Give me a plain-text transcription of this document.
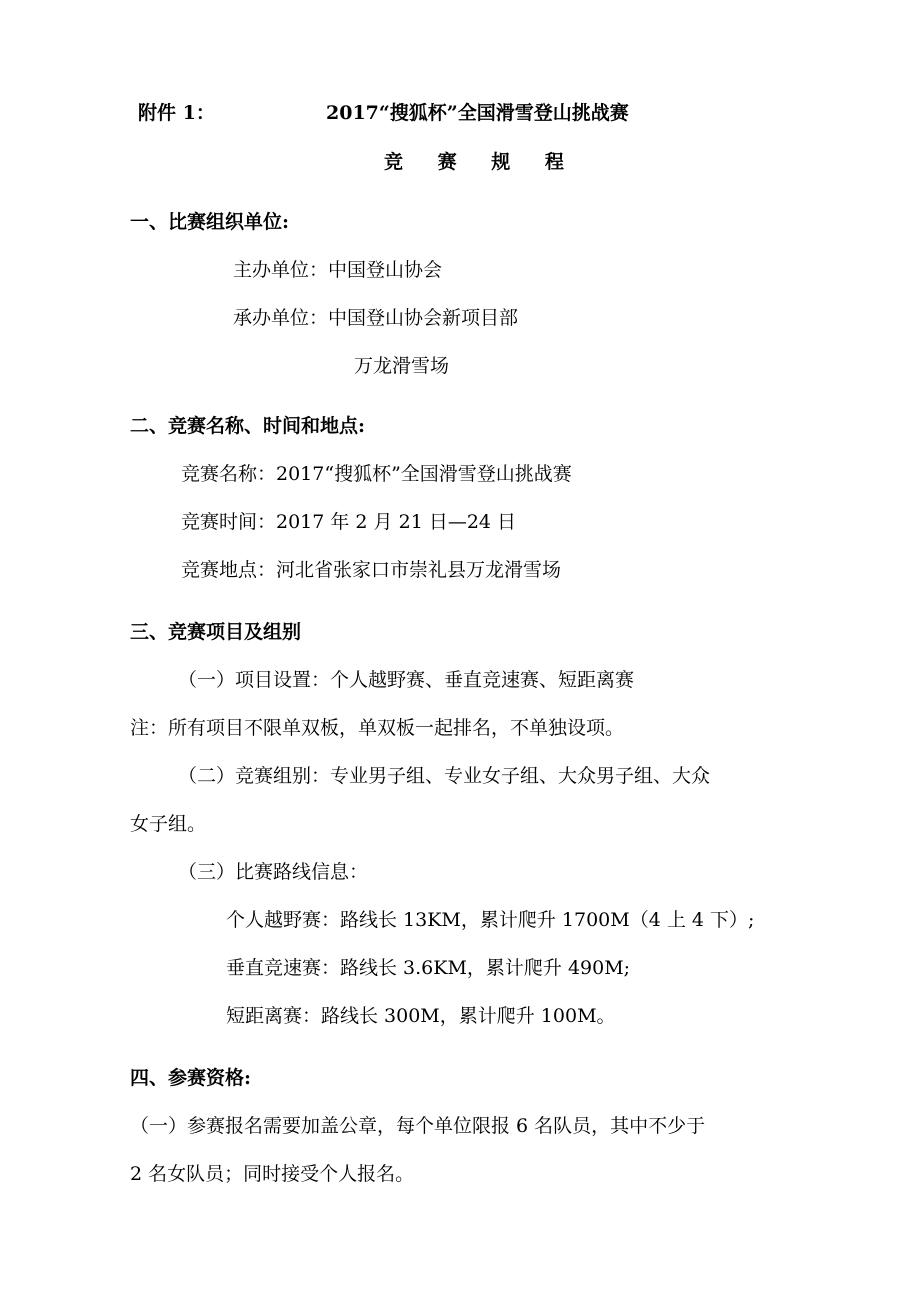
附件 1：	2017“搜狐杯”全国滑雪登山挑战赛
竞 赛 规 程
一、比赛组织单位:
主办单位：中国登山协会
承办单位：中国登山协会新项目部
万龙滑雪场
二、竞赛名称、时间和地点:
竞赛名称：2017“搜狐杯”全国滑雪登山挑战赛
竞赛时间：2017 年 2 月 21 日—24 日
竞赛地点：河北省张家口市崇礼县万龙滑雪场
三、竞赛项目及组别
（一）项目设置：个人越野赛、垂直竞速赛、短距离赛
注：所有项目不限单双板，单双板一起排名，不单独设项。
（二）竞赛组别：专业男子组、专业女子组、大众男子组、大众
女子组。
（三）比赛路线信息：
个人越野赛：路线长 13KM，累计爬升 1700M（4 上 4 下）;
垂直竞速赛：路线长 3.6KM，累计爬升 490M;
短距离赛：路线长 300M，累计爬升 100M。
四、参赛资格:
（一）参赛报名需要加盖公章，每个单位限报 6 名队员，其中不少于
2 名女队员；同时接受个人报名。
